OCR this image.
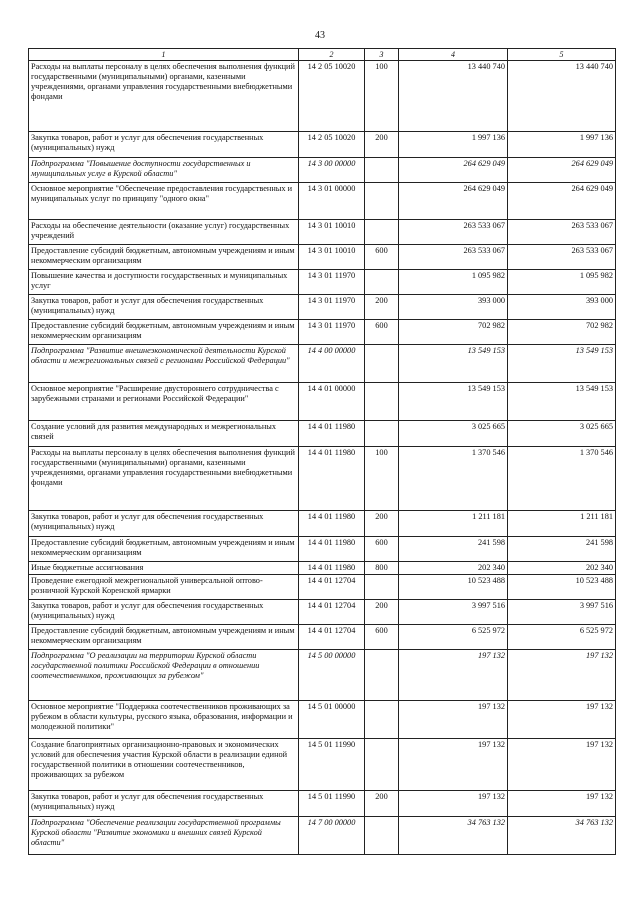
43
1	2	3	4	5
Расходы на выплаты персоналу в целях обеспечения выполнения функций государственными (муниципальными) органами, казенными учреждениями, органами управления государственными внебюджетными фондами	14 2 05 10020	100	13 440 740	13 440 740
Закупка товаров, работ и услуг для обеспечения государственных (муниципальных) нужд	14 2 05 10020	200	1 997 136	1 997 136
Подпрограмма "Повышение доступности государственных и муниципальных услуг в Курской области"	14 3 00 00000		264 629 049	264 629 049
Основное мероприятие "Обеспечение предоставления государственных и муниципальных услуг по принципу "одного окна"	14 3 01 00000		264 629 049	264 629 049
Расходы на обеспечение деятельности (оказание услуг) государственных учреждений	14 3 01 10010		263 533 067	263 533 067
Предоставление субсидий бюджетным, автономным учреждениям и иным некоммерческим организациям	14 3 01 10010	600	263 533 067	263 533 067
Повышение качества и доступности государственных и муниципальных услуг	14 3 01 11970		1 095 982	1 095 982
Закупка товаров, работ и услуг для обеспечения государственных (муниципальных) нужд	14 3 01 11970	200	393 000	393 000
Предоставление субсидий бюджетным, автономным учреждениям и иным некоммерческим организациям	14 3 01 11970	600	702 982	702 982
Подпрограмма "Развитие внешнеэкономической деятельности Курской области и межрегиональных связей с регионами Российской Федерации"	14 4 00 00000		13 549 153	13 549 153
Основное мероприятие "Расширение двустороннего сотрудничества с зарубежными странами и регионами Российской Федерации"	14 4 01 00000		13 549 153	13 549 153
Создание условий для развития международных и межрегиональных связей	14 4 01 11980		3 025 665	3 025 665
Расходы на выплаты персоналу в целях обеспечения выполнения функций государственными (муниципальными) органами, казенными учреждениями, органами управления государственными внебюджетными фондами	14 4 01 11980	100	1 370 546	1 370 546
Закупка товаров, работ и услуг для обеспечения государственных (муниципальных) нужд	14 4 01 11980	200	1 211 181	1 211 181
Предоставление субсидий бюджетным, автономным учреждениям и иным некоммерческим организациям	14 4 01 11980	600	241 598	241 598
Иные бюджетные ассигнования	14 4 01 11980	800	202 340	202 340
Проведение ежегодной межрегиональной универсальной оптово-розничной Курской Коренской ярмарки	14 4 01 12704		10 523 488	10 523 488
Закупка товаров, работ и услуг для обеспечения государственных (муниципальных) нужд	14 4 01 12704	200	3 997 516	3 997 516
Предоставление субсидий бюджетным, автономным учреждениям и иным некоммерческим организациям	14 4 01 12704	600	6 525 972	6 525 972
Подпрограмма "О реализации на территории Курской области государственной политики Российской Федерации в отношении соотечественников, проживающих за рубежом"	14 5 00 00000		197 132	197 132
Основное мероприятие "Поддержка соотечественников проживающих за рубежом в области культуры, русского языка, образования, информации и молодежной политики"	14 5 01 00000		197 132	197 132
Создание благоприятных организационно-правовых и экономических условий для обеспечения участия Курской области в реализации единой государственной политики в отношении соотечественников, проживающих за рубежом	14 5 01 11990		197 132	197 132
Закупка товаров, работ и услуг для обеспечения государственных (муниципальных) нужд	14 5 01 11990	200	197 132	197 132
Подпрограмма "Обеспечение реализации государственной программы Курской области "Развитие экономики и внешних связей Курской области"	14 7 00 00000		34 763 132	34 763 132
